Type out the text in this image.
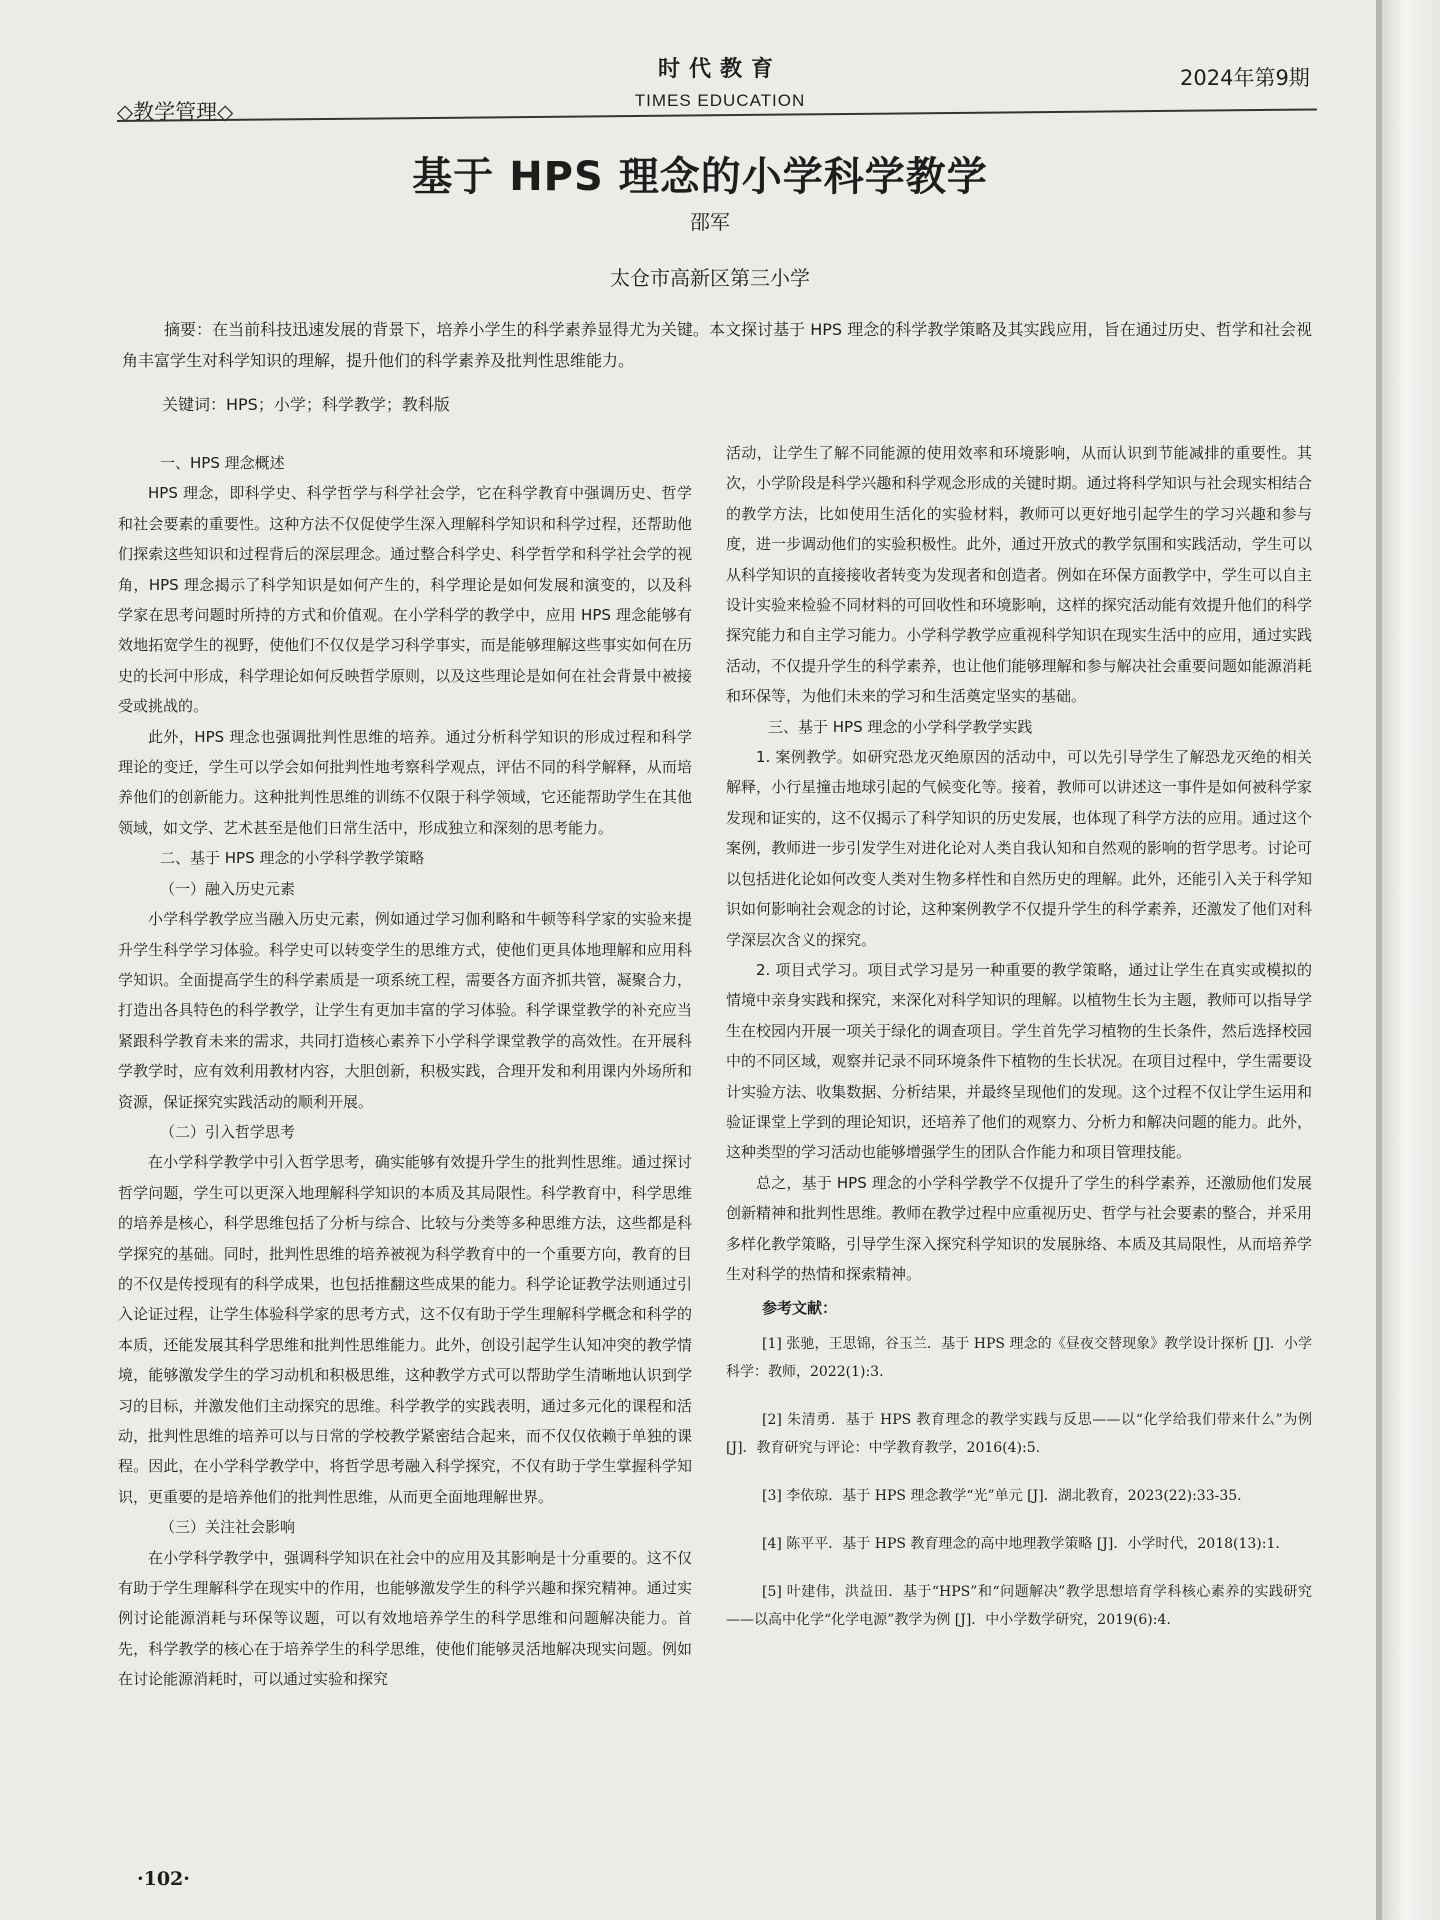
◇教学管理◇
时代教育
TIMES EDUCATION
2024年第9期
基于 HPS 理念的小学科学教学
邵军
太仓市高新区第三小学
摘要：在当前科技迅速发展的背景下，培养小学生的科学素养显得尤为关键。本文探讨基于 HPS 理念的科学教学策略及其实践应用，旨在通过历史、哲学和社会视角丰富学生对科学知识的理解，提升他们的科学素养及批判性思维能力。
关键词：HPS；小学；科学教学；教科版
一、HPS 理念概述

HPS 理念，即科学史、科学哲学与科学社会学，它在科学教育中强调历史、哲学和社会要素的重要性。这种方法不仅促使学生深入理解科学知识和科学过程，还帮助他们探索这些知识和过程背后的深层理念。通过整合科学史、科学哲学和科学社会学的视角，HPS 理念揭示了科学知识是如何产生的，科学理论是如何发展和演变的，以及科学家在思考问题时所持的方式和价值观。在小学科学的教学中，应用 HPS 理念能够有效地拓宽学生的视野，使他们不仅仅是学习科学事实，而是能够理解这些事实如何在历史的长河中形成，科学理论如何反映哲学原则，以及这些理论是如何在社会背景中被接受或挑战的。

此外，HPS 理念也强调批判性思维的培养。通过分析科学知识的形成过程和科学理论的变迁，学生可以学会如何批判性地考察科学观点，评估不同的科学解释，从而培养他们的创新能力。这种批判性思维的训练不仅限于科学领域，它还能帮助学生在其他领域，如文学、艺术甚至是他们日常生活中，形成独立和深刻的思考能力。

二、基于 HPS 理念的小学科学教学策略
（一）融入历史元素

小学科学教学应当融入历史元素，例如通过学习伽利略和牛顿等科学家的实验来提升学生科学学习体验。科学史可以转变学生的思维方式，使他们更具体地理解和应用科学知识。全面提高学生的科学素质是一项系统工程，需要各方面齐抓共管，凝聚合力，打造出各具特色的科学教学，让学生有更加丰富的学习体验。科学课堂教学的补充应当紧跟科学教育未来的需求，共同打造核心素养下小学科学课堂教学的高效性。在开展科学教学时，应有效利用教材内容，大胆创新，积极实践，合理开发和利用课内外场所和资源，保证探究实践活动的顺利开展。

（二）引入哲学思考

在小学科学教学中引入哲学思考，确实能够有效提升学生的批判性思维。通过探讨哲学问题，学生可以更深入地理解科学知识的本质及其局限性。科学教育中，科学思维的培养是核心，科学思维包括了分析与综合、比较与分类等多种思维方法，这些都是科学探究的基础。同时，批判性思维的培养被视为科学教育中的一个重要方向，教育的目的不仅是传授现有的科学成果，也包括推翻这些成果的能力。科学论证教学法则通过引入论证过程，让学生体验科学家的思考方式，这不仅有助于学生理解科学概念和科学的本质，还能发展其科学思维和批判性思维能力。此外，创设引起学生认知冲突的教学情境，能够激发学生的学习动机和积极思维，这种教学方式可以帮助学生清晰地认识到学习的目标，并激发他们主动探究的思维。科学教学的实践表明，通过多元化的课程和活动，批判性思维的培养可以与日常的学校教学紧密结合起来，而不仅仅依赖于单独的课程。因此，在小学科学教学中，将哲学思考融入科学探究，不仅有助于学生掌握科学知识，更重要的是培养他们的批判性思维，从而更全面地理解世界。

（三）关注社会影响

在小学科学教学中，强调科学知识在社会中的应用及其影响是十分重要的。这不仅有助于学生理解科学在现实中的作用，也能够激发学生的科学兴趣和探究精神。通过实例讨论能源消耗与环保等议题，可以有效地培养学生的科学思维和问题解决能力。首先，科学教学的核心在于培养学生的科学思维，使他们能够灵活地解决现实问题。例如在讨论能源消耗时，可以通过实验和探究

活动，让学生了解不同能源的使用效率和环境影响，从而认识到节能减排的重要性。其次，小学阶段是科学兴趣和科学观念形成的关键时期。通过将科学知识与社会现实相结合的教学方法，比如使用生活化的实验材料，教师可以更好地引起学生的学习兴趣和参与度，进一步调动他们的实验积极性。此外，通过开放式的教学氛围和实践活动，学生可以从科学知识的直接接收者转变为发现者和创造者。例如在环保方面教学中，学生可以自主设计实验来检验不同材料的可回收性和环境影响，这样的探究活动能有效提升他们的科学探究能力和自主学习能力。小学科学教学应重视科学知识在现实生活中的应用，通过实践活动，不仅提升学生的科学素养，也让他们能够理解和参与解决社会重要问题如能源消耗和环保等，为他们未来的学习和生活奠定坚实的基础。

三、基于 HPS 理念的小学科学教学实践

1. 案例教学。如研究恐龙灭绝原因的活动中，可以先引导学生了解恐龙灭绝的相关解释，小行星撞击地球引起的气候变化等。接着，教师可以讲述这一事件是如何被科学家发现和证实的，这不仅揭示了科学知识的历史发展，也体现了科学方法的应用。通过这个案例，教师进一步引发学生对进化论对人类自我认知和自然观的影响的哲学思考。讨论可以包括进化论如何改变人类对生物多样性和自然历史的理解。此外，还能引入关于科学知识如何影响社会观念的讨论，这种案例教学不仅提升学生的科学素养，还激发了他们对科学深层次含义的探究。

2. 项目式学习。项目式学习是另一种重要的教学策略，通过让学生在真实或模拟的情境中亲身实践和探究，来深化对科学知识的理解。以植物生长为主题，教师可以指导学生在校园内开展一项关于绿化的调查项目。学生首先学习植物的生长条件，然后选择校园中的不同区域，观察并记录不同环境条件下植物的生长状况。在项目过程中，学生需要设计实验方法、收集数据、分析结果，并最终呈现他们的发现。这个过程不仅让学生运用和验证课堂上学到的理论知识，还培养了他们的观察力、分析力和解决问题的能力。此外，这种类型的学习活动也能够增强学生的团队合作能力和项目管理技能。

总之，基于 HPS 理念的小学科学教学不仅提升了学生的科学素养，还激励他们发展创新精神和批判性思维。教师在教学过程中应重视历史、哲学与社会要素的整合，并采用多样化教学策略，引导学生深入探究科学知识的发展脉络、本质及其局限性，从而培养学生对科学的热情和探索精神。

参考文献：
[1] 张驰，王思锦，谷玉兰．基于 HPS 理念的《昼夜交替现象》教学设计探析 [J]．小学科学：教师，2022(1):3.
[2] 朱清勇．基于 HPS 教育理念的教学实践与反思——以“化学给我们带来什么”为例 [J]．教育研究与评论：中学教育教学，2016(4):5.
[3] 李依琼．基于 HPS 理念教学“光”单元 [J]．湖北教育，2023(22):33-35.
[4] 陈平平．基于 HPS 教育理念的高中地理教学策略 [J]．小学时代，2018(13):1.
[5] 叶建伟，洪益田．基于“HPS”和“问题解决”教学思想培育学科核心素养的实践研究——以高中化学“化学电源”教学为例 [J]．中小学数学研究，2019(6):4.
·102·
